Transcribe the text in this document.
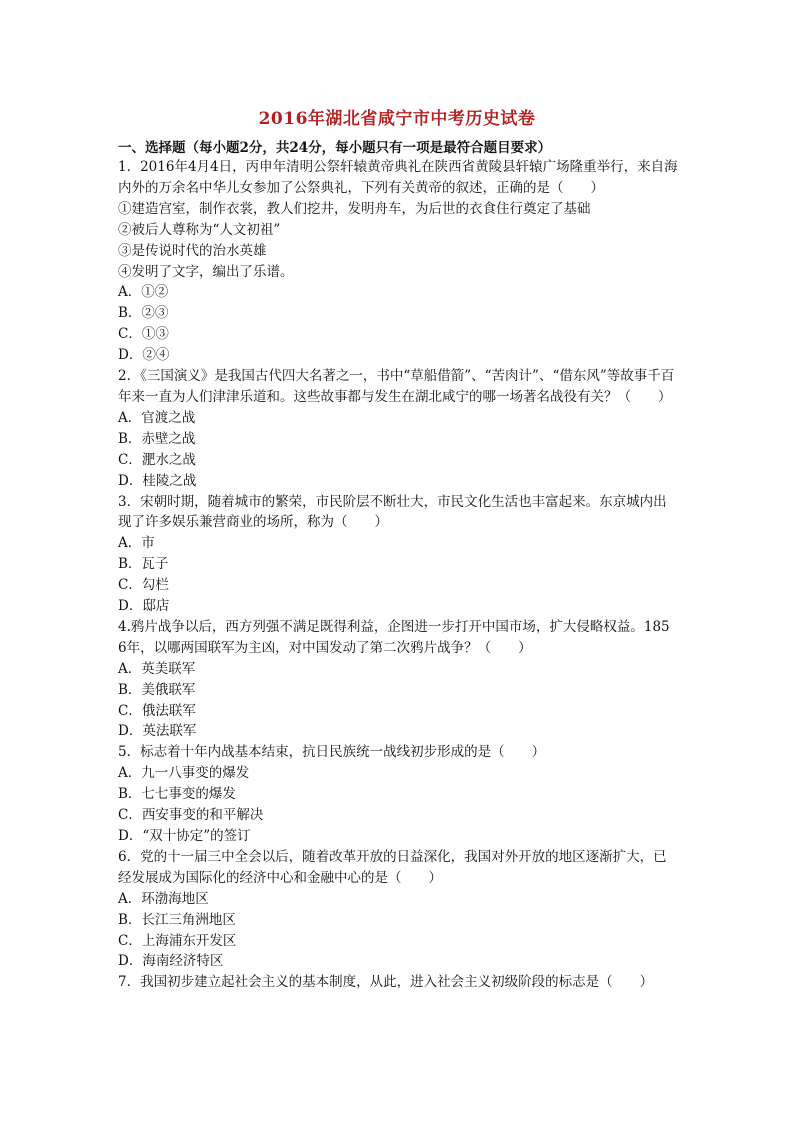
2016年湖北省咸宁市中考历史试卷
一、选择题（每小题2分，共24分，每小题只有一项是最符合题目要求）

1．2016年4月4日，丙申年清明公祭轩辕黄帝典礼在陕西省黄陵县轩辕广场隆重举行，来自海内外的万余名中华儿女参加了公祭典礼，下列有关黄帝的叙述，正确的是（　　）

①建造宫室，制作衣裳，教人们挖井，发明舟车，为后世的衣食住行奠定了基础

②被后人尊称为“人文初祖”

③是传说时代的治水英雄

④发明了文字，编出了乐谱。

A．①②

B．②③

C．①③

D．②④

2．《三国演义》是我国古代四大名著之一，书中“草船借箭”、“苦肉计”、“借东风”等故事千百年来一直为人们津津乐道和。这些故事都与发生在湖北咸宁的哪一场著名战役有关？（　　）

A．官渡之战

B．赤壁之战

C．淝水之战

D．桂陵之战

3．宋朝时期，随着城市的繁荣，市民阶层不断壮大，市民文化生活也丰富起来。东京城内出现了许多娱乐兼营商业的场所，称为（　　）

A．市

B．瓦子

C．勾栏

D．邸店

4.鸦片战争以后，西方列强不满足既得利益，企图进一步打开中国市场，扩大侵略权益。1856年，以哪两国联军为主凶，对中国发动了第二次鸦片战争？（　　）

A．英美联军

B．美俄联军

C．俄法联军

D．英法联军

5．标志着十年内战基本结束，抗日民族统一战线初步形成的是（　　）

A．九一八事变的爆发

B．七七事变的爆发

C．西安事变的和平解决

D．“双十协定”的签订

6．党的十一届三中全会以后，随着改革开放的日益深化，我国对外开放的地区逐渐扩大，已经发展成为国际化的经济中心和金融中心的是（　　）

A．环渤海地区

B．长江三角洲地区

C．上海浦东开发区

D．海南经济特区

7．我国初步建立起社会主义的基本制度，从此，进入社会主义初级阶段的标志是（　　）
